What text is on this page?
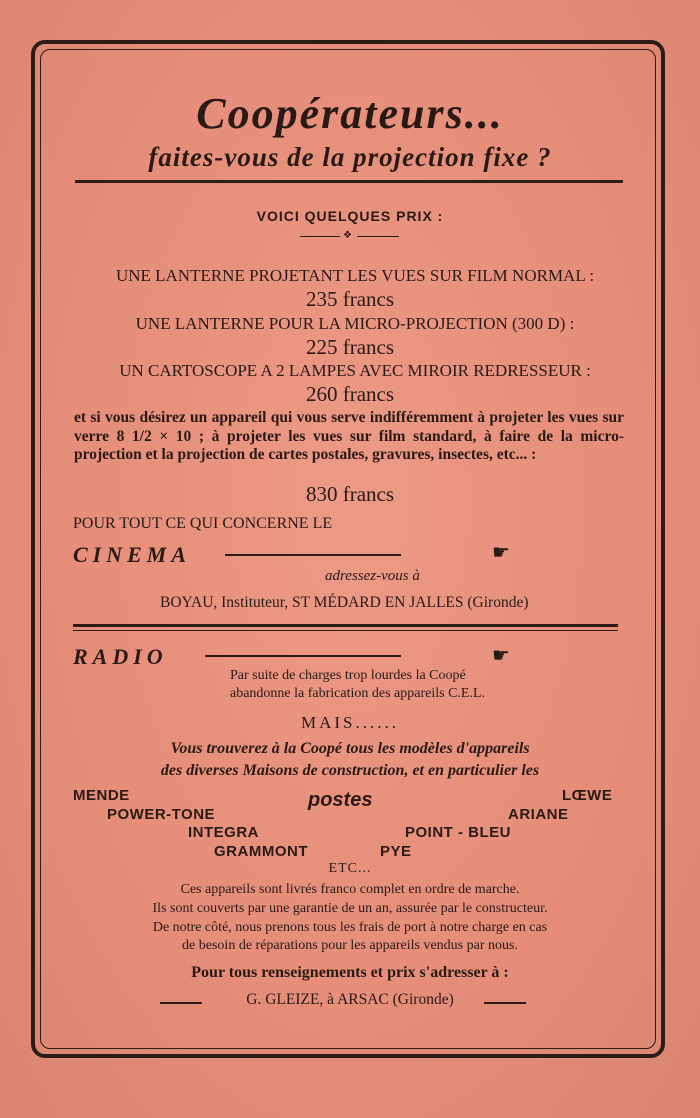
Coopérateurs...
faites-vous de la projection fixe ?
VOICI QUELQUES PRIX :
❖
UNE LANTERNE PROJETANT LES VUES SUR FILM NORMAL :
235 francs
UNE LANTERNE POUR LA MICRO-PROJECTION (300 D) :
225 francs
UN CARTOSCOPE A 2 LAMPES AVEC MIROIR REDRESSEUR :
260 francs
et si vous désirez un appareil qui vous serve indifféremment à projeter les vues sur verre 8 1/2 × 10 ; à projeter les vues sur film standard, à faire de la micro-projection et la projection de cartes postales, gravures, insectes, etc... :
830 francs
POUR TOUT CE QUI CONCERNE LE
CINEMA	☛
adressez-vous à
BOYAU, Instituteur, ST MÉDARD EN JALLES (Gironde)
RADIO	☛
Par suite de charges trop lourdes la Coopé
abandonne la fabrication des appareils C.E.L.
MAIS......
Vous trouverez à la Coopé tous les modèles d'appareils
des diverses Maisons de construction, et en particulier les
MENDE	postes	LŒWE
POWER-TONE	ARIANE
INTEGRA	POINT - BLEU
GRAMMONT	PYE
ETC...
Ces appareils sont livrés franco complet en ordre de marche.
Ils sont couverts par une garantie de un an, assurée par le constructeur.
De notre côté, nous prenons tous les frais de port à notre charge en cas
de besoin de réparations pour les appareils vendus par nous.
Pour tous renseignements et prix s'adresser à :
G. GLEIZE, à ARSAC (Gironde)
